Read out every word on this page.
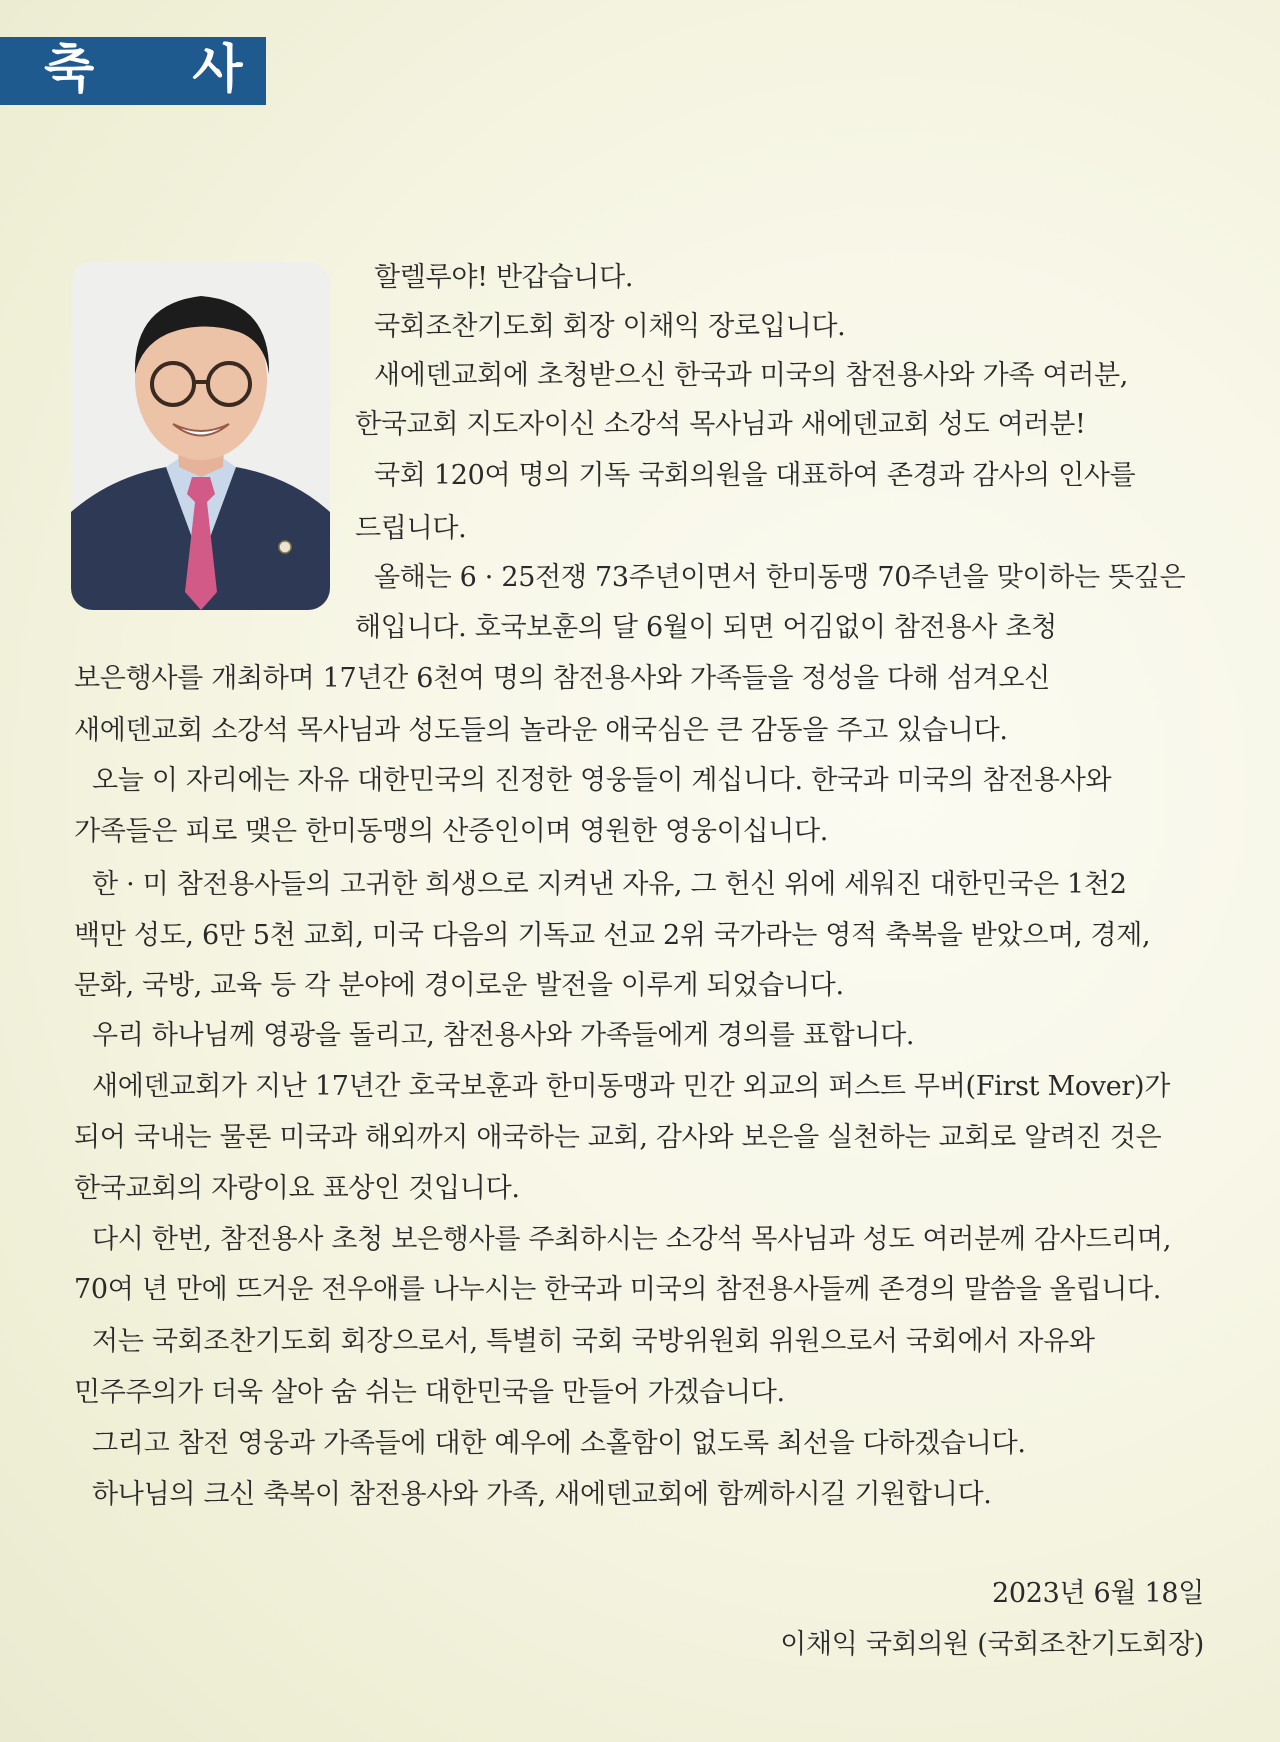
축 사
할렐루야! 반갑습니다.
국회조찬기도회 회장 이채익 장로입니다.
새에덴교회에 초청받으신 한국과 미국의 참전용사와 가족 여러분,
한국교회 지도자이신 소강석 목사님과 새에덴교회 성도 여러분!
국회 120여 명의 기독 국회의원을 대표하여 존경과 감사의 인사를
드립니다.
올해는 6 · 25전쟁 73주년이면서 한미동맹 70주년을 맞이하는 뜻깊은
해입니다. 호국보훈의 달 6월이 되면 어김없이 참전용사 초청
보은행사를 개최하며 17년간 6천여 명의 참전용사와 가족들을 정성을 다해 섬겨오신
새에덴교회 소강석 목사님과 성도들의 놀라운 애국심은 큰 감동을 주고 있습니다.
오늘 이 자리에는 자유 대한민국의 진정한 영웅들이 계십니다. 한국과 미국의 참전용사와
가족들은 피로 맺은 한미동맹의 산증인이며 영원한 영웅이십니다.
한 · 미 참전용사들의 고귀한 희생으로 지켜낸 자유, 그 헌신 위에 세워진 대한민국은 1천2
백만 성도, 6만 5천 교회, 미국 다음의 기독교 선교 2위 국가라는 영적 축복을 받았으며, 경제,
문화, 국방, 교육 등 각 분야에 경이로운 발전을 이루게 되었습니다.
우리 하나님께 영광을 돌리고, 참전용사와 가족들에게 경의를 표합니다.
새에덴교회가 지난 17년간 호국보훈과 한미동맹과 민간 외교의 퍼스트 무버(First Mover)가
되어 국내는 물론 미국과 해외까지 애국하는 교회, 감사와 보은을 실천하는 교회로 알려진 것은
한국교회의 자랑이요 표상인 것입니다.
다시 한번, 참전용사 초청 보은행사를 주최하시는 소강석 목사님과 성도 여러분께 감사드리며,
70여 년 만에 뜨거운 전우애를 나누시는 한국과 미국의 참전용사들께 존경의 말씀을 올립니다.
저는 국회조찬기도회 회장으로서, 특별히 국회 국방위원회 위원으로서 국회에서 자유와
민주주의가 더욱 살아 숨 쉬는 대한민국을 만들어 가겠습니다.
그리고 참전 영웅과 가족들에 대한 예우에 소홀함이 없도록 최선을 다하겠습니다.
하나님의 크신 축복이 참전용사와 가족, 새에덴교회에 함께하시길 기원합니다.
2023년 6월 18일
이채익 국회의원 (국회조찬기도회장)
